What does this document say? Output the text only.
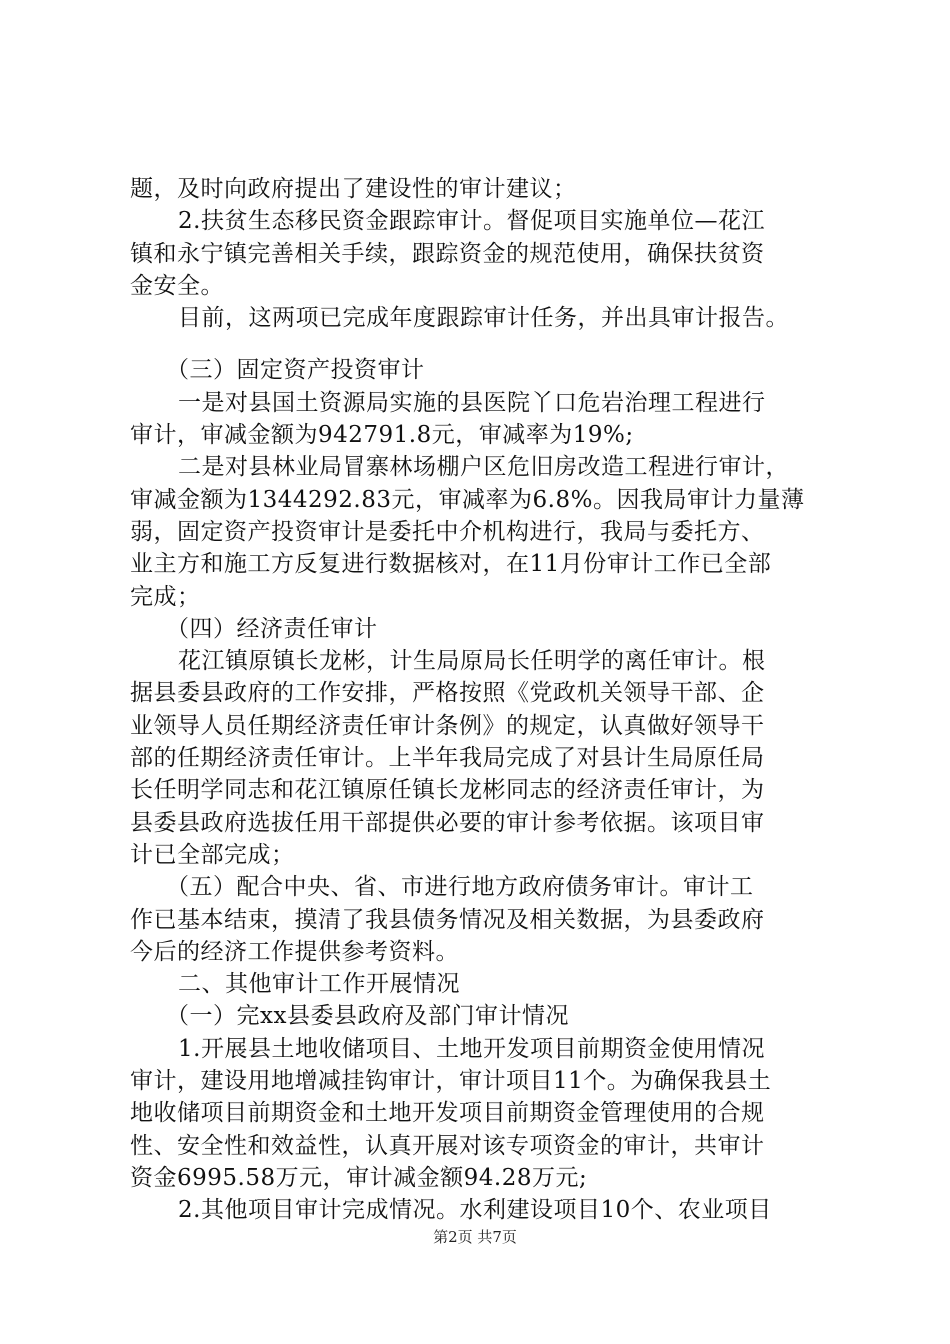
题，及时向政府提出了建设性的审计建议；
2.扶贫生态移民资金跟踪审计。督促项目实施单位—花江
镇和永宁镇完善相关手续，跟踪资金的规范使用，确保扶贫资
金安全。
目前，这两项已完成年度跟踪审计任务，并出具审计报告。
（三）固定资产投资审计
一是对县国土资源局实施的县医院丫口危岩治理工程进行
审计，审减金额为942791.8元，审减率为19%;
二是对县林业局冒寨林场棚户区危旧房改造工程进行审计，
审减金额为1344292.83元，审减率为6.8%。因我局审计力量薄
弱，固定资产投资审计是委托中介机构进行，我局与委托方、
业主方和施工方反复进行数据核对，在11月份审计工作已全部
完成；
（四）经济责任审计
花江镇原镇长龙彬，计生局原局长任明学的离任审计。根
据县委县政府的工作安排，严格按照《党政机关领导干部、企
业领导人员任期经济责任审计条例》的规定，认真做好领导干
部的任期经济责任审计。上半年我局完成了对县计生局原任局
长任明学同志和花江镇原任镇长龙彬同志的经济责任审计，为
县委县政府选拔任用干部提供必要的审计参考依据。该项目审
计已全部完成；
（五）配合中央、省、市进行地方政府债务审计。审计工
作已基本结束，摸清了我县债务情况及相关数据，为县委政府
今后的经济工作提供参考资料。
二、其他审计工作开展情况
（一）完xx县委县政府及部门审计情况
1.开展县土地收储项目、土地开发项目前期资金使用情况
审计，建设用地增减挂钩审计，审计项目11个。为确保我县土
地收储项目前期资金和土地开发项目前期资金管理使用的合规
性、安全性和效益性，认真开展对该专项资金的审计，共审计
资金6995.58万元，审计减金额94.28万元;
2.其他项目审计完成情况。水利建设项目10个、农业项目
第2页 共7页
